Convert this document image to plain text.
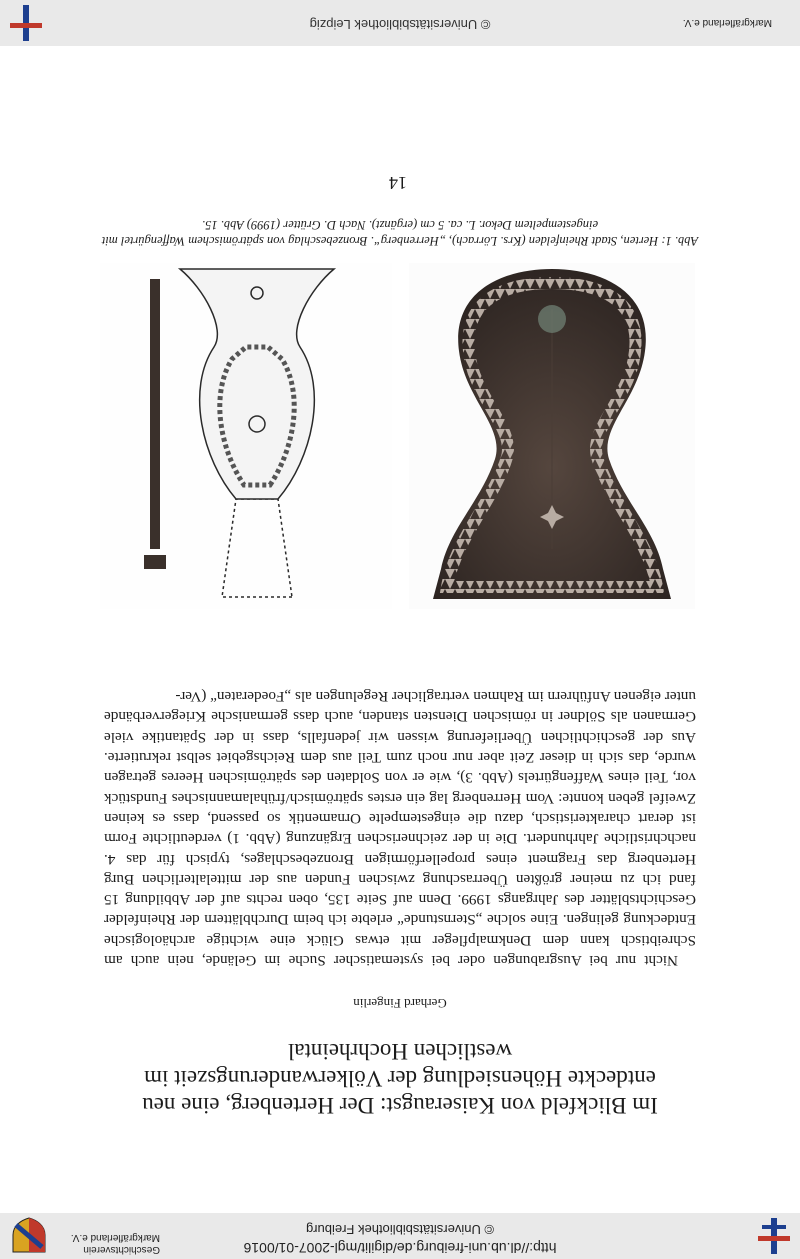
© Universitätsbibliothek Freiburg
http://dl.ub.uni-freiburg.de/digilit/mgl-2007-01/0016
Geschichtsverein Markgräflerland e.V.
Im Blickfeld von Kaiseraugst: Der Hertenberg, eine neu entdeckte Höhensiedlung der Völkerwanderungszeit im westlichen Hochrheintal
Gerhard Fingerlin

Nicht nur bei Ausgrabungen oder bei systematischer Suche im Gelände, nein auch am Schreibtisch kann dem Denkmalpfleger mit etwas Glück eine wichtige archäologische Entdeckung gelingen. Eine solche „Sternstunde“ erlebte ich beim Durchblättern der Rheinfelder Geschichtsblätter des Jahrgangs 1999. Denn auf Seite 135, oben rechts auf der Abbildung 15 fand ich zu meiner größten Überraschung zwischen Funden aus der mittelalterlichen Burg Hertenberg das Fragment eines propellerförmigen Bronzebeschlages, typisch für das 4. nachchristliche Jahrhundert. Die in der zeichnerischen Ergänzung (Abb. 1) verdeutlichte Form ist derart charakteristisch, dazu die eingestempelte Ornamentik so passend, dass es keinen Zweifel geben konnte: Vom Herrenberg lag ein erstes spätrömisch/frühalamannisches Fundstück vor, Teil eines Waffengürtels (Abb. 3), wie er von Soldaten des spätrömischen Heeres getragen wurde, das sich in dieser Zeit aber nur noch zum Teil aus dem Reichsgebiet selbst rekrutierte. Aus der geschichtlichen Überlieferung wissen wir jedenfalls, dass in der Spätantike viele Germanen als Söldner in römischen Diensten standen, auch dass germanische Kriegerverbände unter eigenen Anführern im Rahmen vertraglicher Regelungen als „Foederaten“ (Ver-

Abb. 1: Herten, Stadt Rheinfelden (Krs. Lörrach), „Herrenberg“. Bronzebeschlag von spätrömischem Waffengürtel mit eingestempeltem Dekor. L. ca. 5 cm (ergänzt). Nach D. Grütter (1999) Abb. 15.
14
© Universitätsbibliothek Leipzig	Markgräflerland e.V.
